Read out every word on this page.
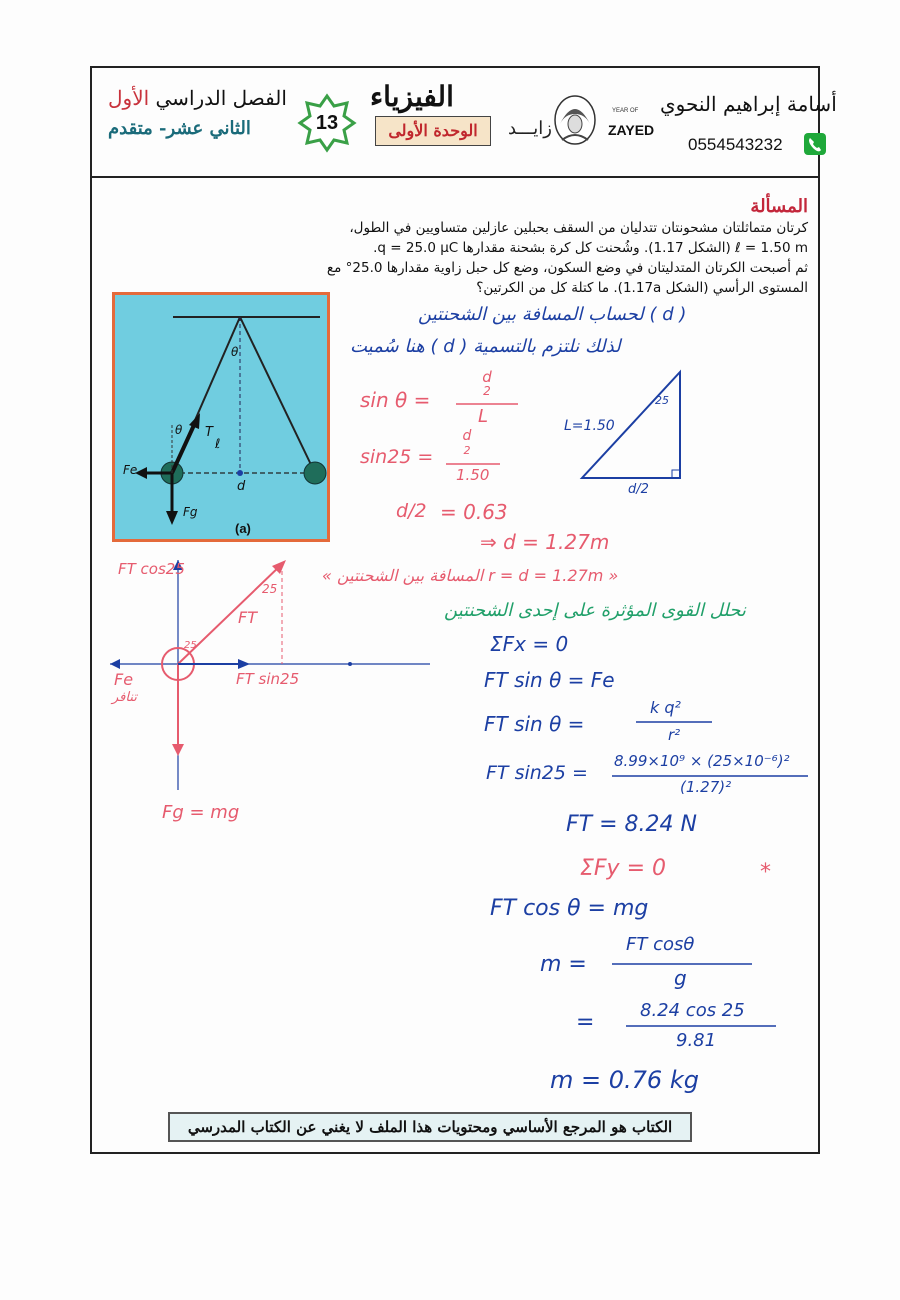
أسامة إبراهيم النحوي
0554543232
YEAR OF
ZAYED
زايـــد
الفيزياء
الوحدة الأولى
13
الفصل الدراسي الأول
الثاني عشر- متقدم
المسألة
كرتان متماثلتان مشحونتان تتدليان من السقف بحبلين عازلين متساويين في الطول،
ℓ = 1.50 m (الشكل 1.17). وشُحنت كل كرة بشحنة مقدارها q = 25.0 μC.
ثم أصبحت الكرتان المتدليتان في وضع السكون، وضع كل حبل زاوية مقدارها 25.0° مع
المستوى الرأسي (الشكل 1.17a). ما كتلة كل من الكرتين؟
ℓ
θ
θ T
Fe
Fg
d
(a)
لحساب المسافة بين الشحنتين ( d )
هنا سُميت ( d ) لذلك نلتزم بالتسمية
sin θ =
d
2
L
sin25 =
d
2
1.50
L=1.50
25
d/2
d/2 = 0.63
⇒ d = 1.27m
« المسافة بين الشحنتين r = d = 1.27m »
نحلل القوى المؤثرة على إحدى الشحنتين
ΣFx = 0
FT sin θ = Fe
FT sin θ =
k q²
r²
FT sin25 =
8.99×10⁹ × (25×10⁻⁶)²
(1.27)²
FT = 8.24 N
ΣFy = 0	*
FT cos θ = mg
m =
FT cosθ
g
=	8.24 cos 25
9.81
m = 0.76 kg
FT cos25
FT sin25
25
25
FT
Fe
تنافر
Fg = mg
الكتاب هو المرجع الأساسي ومحتويات هذا الملف لا يغني عن الكتاب المدرسي
